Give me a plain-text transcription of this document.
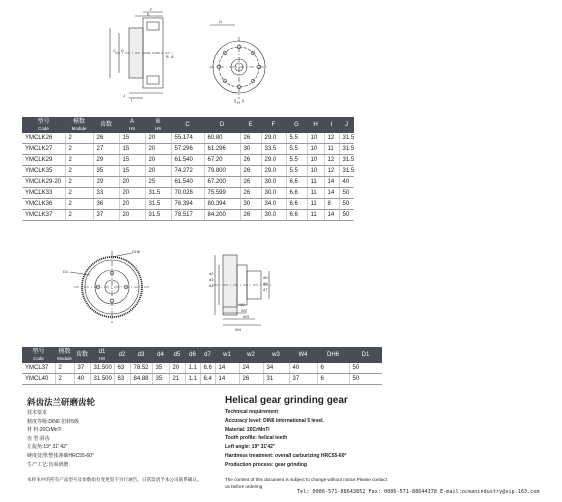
F
E
D
C
B A
I
J
G
H
型号
Code	模数
Module	齿数	A
H9	B
H9	C	D	E	F	G	H	I	J
YMCLK26	2	26	15	20	55.174	60.80	26	29.0	5.5	10	12	31.5
YMCLK27	2	27	15	20	57.296	61.296	30	33.5	5.5	10	11	31.5
YMCLK29	2	29	15	20	61.540	67.20	26	29.0	5.5	10	12	31.5
YMCLK35	2	35	15	20	74.272	79.800	26	29.0	5.5	10	12	31.5
YMCLK29-20	2	29	20	25	61.540	67.200	26	30.0	6.6	11	14	40
YMCLK33	2	33	20	31.5	70.028	75.599	26	30.0	6.6	11	14	50
YMCLK36	2	36	20	31.5	76.394	80.394	30	34.0	6.6	11	8	50
YMCLK37	2	37	20	31.5	78.517	84.200	26	30.0	6.6	11	14	50
D1
DH6
d2
d3
d4
d5
d6
d7
W1
W2
W3
W4
型号
Code	模数
Module	齿数	d1
H8	d2	d3	d4	d5	d6	d7	w1	w2	w3	W4	DH6	D1
YMCL37	2	37	31.500	63	78.52	35	20	1.1	6.6	14	24	34	40	6	50
YMCL40	2	40	31.500	63	84.88	35	21	1.1	6.4	14	26	31	37	6	50
斜齿法兰研磨齿轮
技术要求
精度等级:DIN6 扭转5级
材 料:20CrMnTi
齿 型:斜齿
左旋角:19° 31' 42"
硬度处理:整体渗碳HRC55-60°
生产工艺:齿面研磨
本样本中的所有产品型号及参数如有变更恕不另行通告。日常需请予本公司联系确认。
Helical gear grinding gear
Technical requirement
Accuracy level: DIN6 international 5 level.
Material: 20CrMnTi
Tooth profile: helical teeth
Left angle: 19° 31'42"
Hardness treatment: overall carburizing HRC55-60°
Production process: gear grinding
The content of this document is subject to change without notice.Please contact
us before ordering
Tel: 0086-571-88643852 Fax: 0086-571-88644378 E-mail:oceanindustry@vip.163.com
